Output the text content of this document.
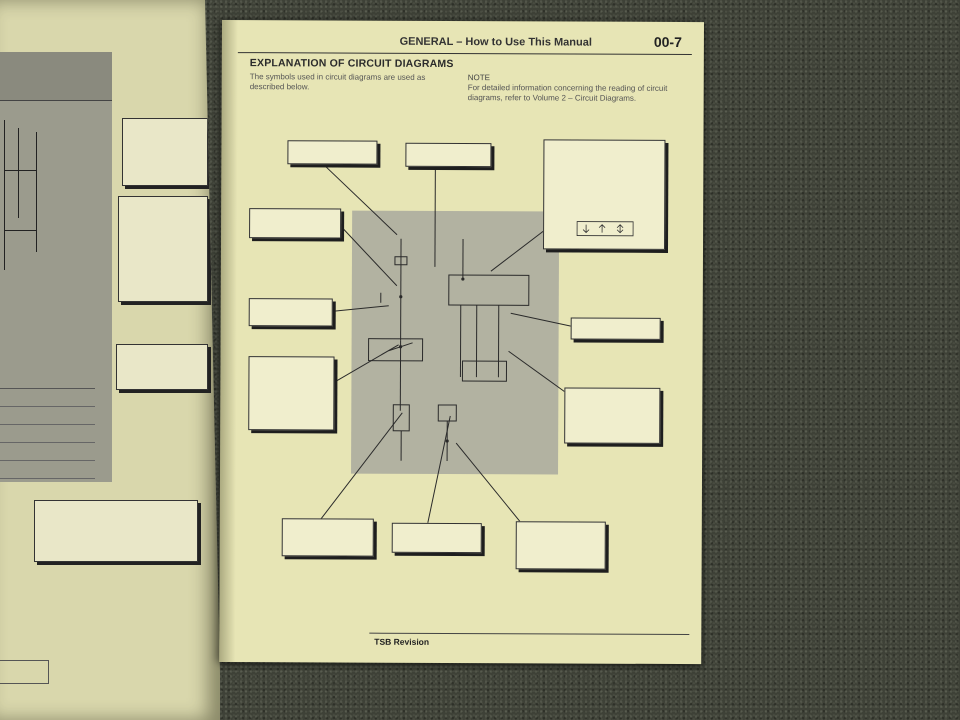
GENERAL – How to Use This Manual	00-7
EXPLANATION OF CIRCUIT DIAGRAMS
The symbols used in circuit diagrams are used as described below.
NOTE
For detailed information concerning the reading of circuit diagrams, refer to Volume 2 – Circuit Diagrams.
TSB Revision
